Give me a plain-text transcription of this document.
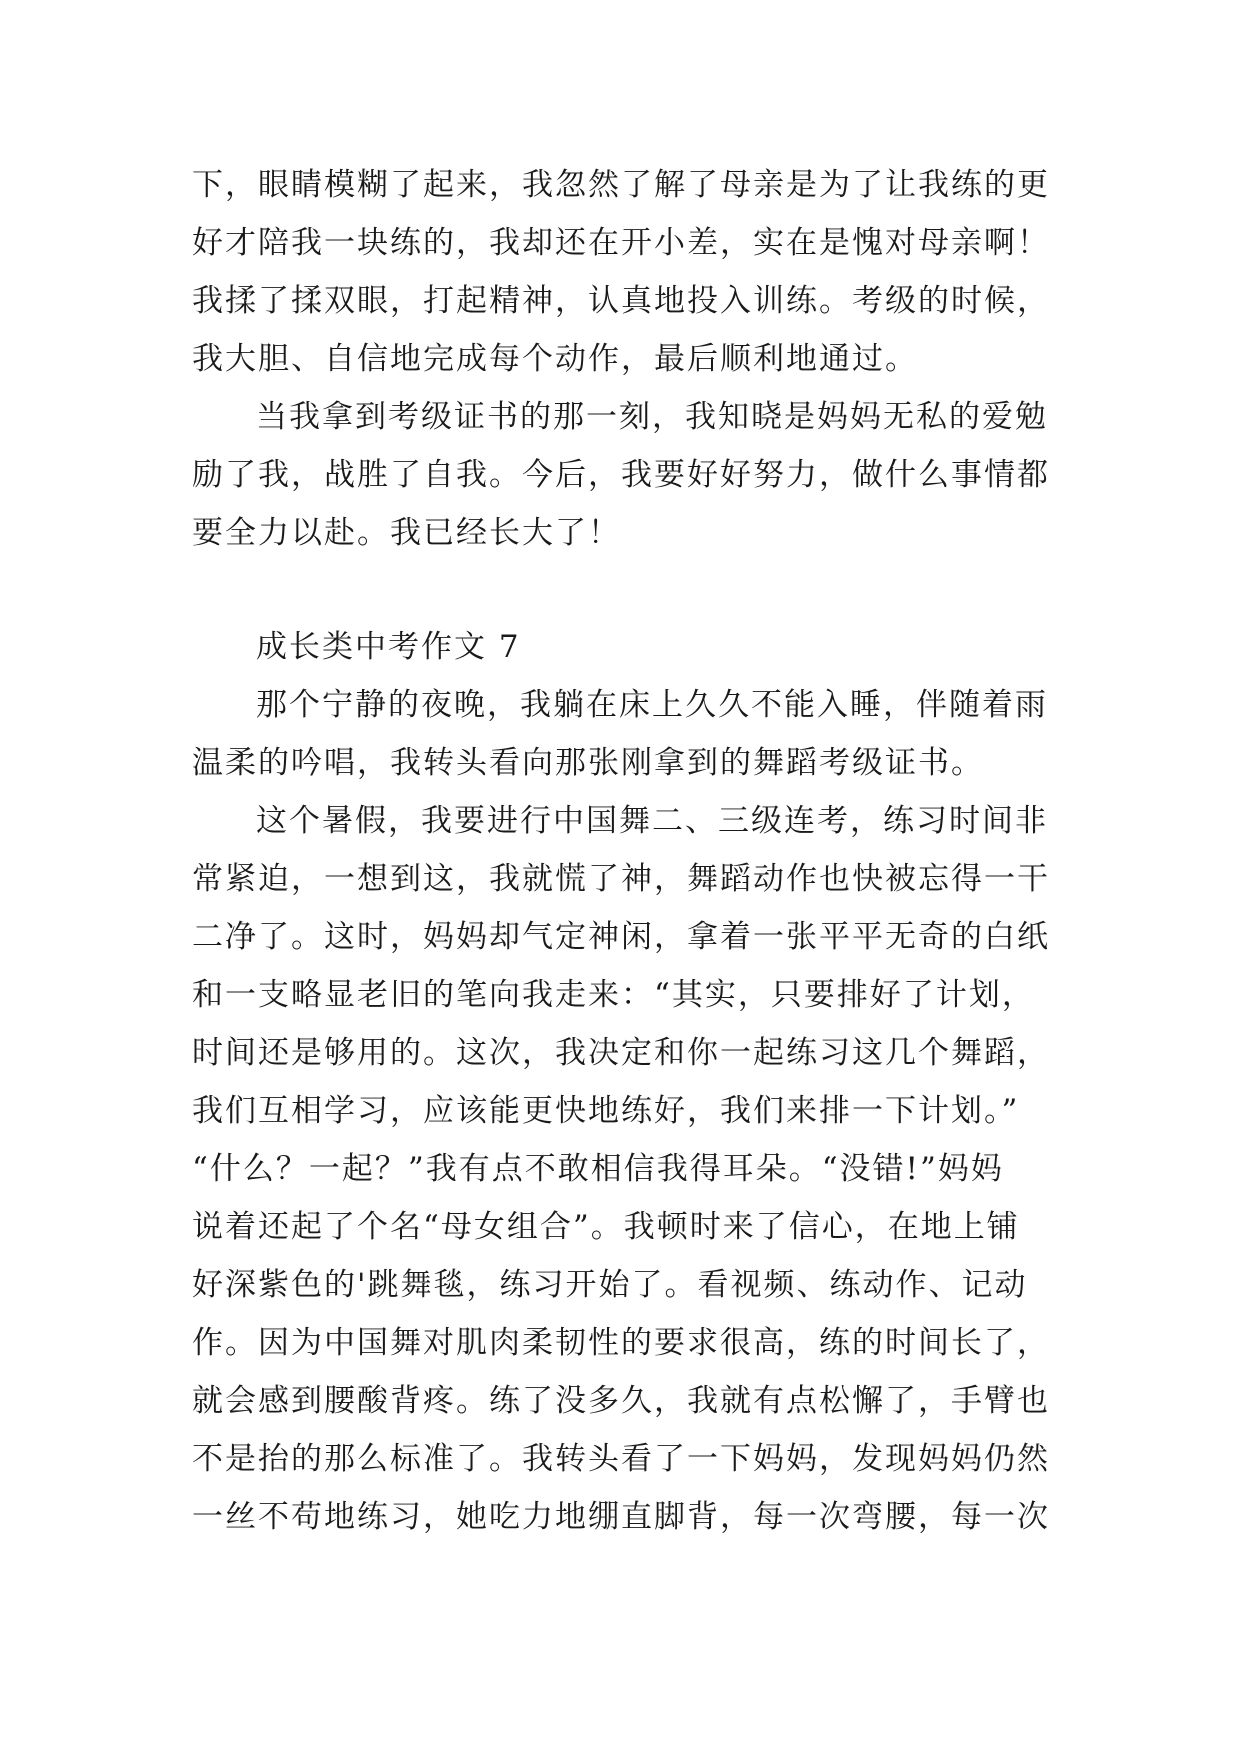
下，眼睛模糊了起来，我忽然了解了母亲是为了让我练的更
好才陪我一块练的，我却还在开小差，实在是愧对母亲啊！
我揉了揉双眼，打起精神，认真地投入训练。考级的时候，
我大胆、自信地完成每个动作，最后顺利地通过。
当我拿到考级证书的那一刻，我知晓是妈妈无私的爱勉
励了我，战胜了自我。今后，我要好好努力，做什么事情都
要全力以赴。我已经长大了！
成长类中考作文 7
那个宁静的夜晚，我躺在床上久久不能入睡，伴随着雨
温柔的吟唱，我转头看向那张刚拿到的舞蹈考级证书。
这个暑假，我要进行中国舞二、三级连考，练习时间非
常紧迫，一想到这，我就慌了神，舞蹈动作也快被忘得一干
二净了。这时，妈妈却气定神闲，拿着一张平平无奇的白纸
和一支略显老旧的笔向我走来：“其实，只要排好了计划，
时间还是够用的。这次，我决定和你一起练习这几个舞蹈，
我们互相学习，应该能更快地练好，我们来排一下计划。”
“什么？一起？”我有点不敢相信我得耳朵。“没错!”妈妈
说着还起了个名“母女组合”。我顿时来了信心，在地上铺
好深紫色的'跳舞毯，练习开始了。看视频、练动作、记动
作。因为中国舞对肌肉柔韧性的要求很高，练的时间长了，
就会感到腰酸背疼。练了没多久，我就有点松懈了，手臂也
不是抬的那么标准了。我转头看了一下妈妈，发现妈妈仍然
一丝不苟地练习，她吃力地绷直脚背，每一次弯腰，每一次
